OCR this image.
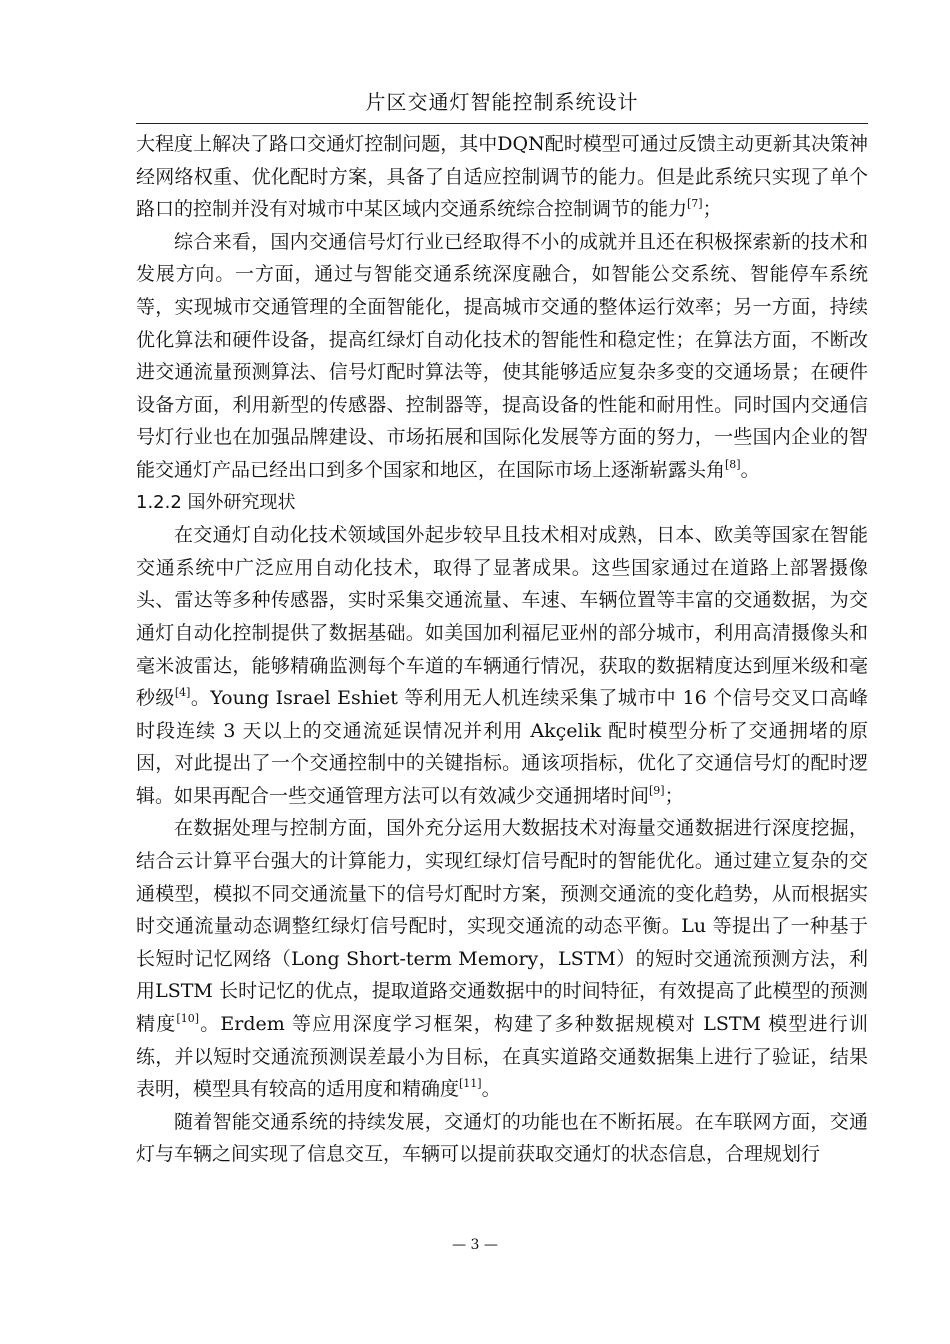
片区交通灯智能控制系统设计

大程度上解决了路口交通灯控制问题，其中DQN配时模型可通过反馈主动更新其决策神经网络权重、优化配时方案，具备了自适应控制调节的能力。但是此系统只实现了单个路口的控制并没有对城市中某区域内交通系统综合控制调节的能力[7]；

综合来看，国内交通信号灯行业已经取得不小的成就并且还在积极探索新的技术和发展方向。一方面，通过与智能交通系统深度融合，如智能公交系统、智能停车系统等，实现城市交通管理的全面智能化，提高城市交通的整体运行效率；另一方面，持续优化算法和硬件设备，提高红绿灯自动化技术的智能性和稳定性；在算法方面，不断改进交通流量预测算法、信号灯配时算法等，使其能够适应复杂多变的交通场景；在硬件设备方面，利用新型的传感器、控制器等，提高设备的性能和耐用性。同时国内交通信号灯行业也在加强品牌建设、市场拓展和国际化发展等方面的努力，一些国内企业的智能交通灯产品已经出口到多个国家和地区，在国际市场上逐渐崭露头角[8]。

1.2.2 国外研究现状

在交通灯自动化技术领域国外起步较早且技术相对成熟，日本、欧美等国家在智能交通系统中广泛应用自动化技术，取得了显著成果。这些国家通过在道路上部署摄像头、雷达等多种传感器，实时采集交通流量、车速、车辆位置等丰富的交通数据，为交通灯自动化控制提供了数据基础。如美国加利福尼亚州的部分城市，利用高清摄像头和毫米波雷达，能够精确监测每个车道的车辆通行情况，获取的数据精度达到厘米级和毫秒级[4]。Young Israel Eshiet 等利用无人机连续采集了城市中 16 个信号交叉口高峰时段连续 3 天以上的交通流延误情况并利用 Akçelik 配时模型分析了交通拥堵的原因，对此提出了一个交通控制中的关键指标。通该项指标，优化了交通信号灯的配时逻辑。如果再配合一些交通管理方法可以有效减少交通拥堵时间[9]；

在数据处理与控制方面，国外充分运用大数据技术对海量交通数据进行深度挖掘，结合云计算平台强大的计算能力，实现红绿灯信号配时的智能优化。通过建立复杂的交通模型，模拟不同交通流量下的信号灯配时方案，预测交通流的变化趋势，从而根据实时交通流量动态调整红绿灯信号配时，实现交通流的动态平衡。Lu 等提出了一种基于长短时记忆网络（Long Short-term Memory，LSTM）的短时交通流预测方法，利用LSTM 长时记忆的优点，提取道路交通数据中的时间特征，有效提高了此模型的预测精度[10]。Erdem 等应用深度学习框架，构建了多种数据规模对 LSTM 模型进行训练，并以短时交通流预测误差最小为目标，在真实道路交通数据集上进行了验证，结果表明，模型具有较高的适用度和精确度[11]。

随着智能交通系统的持续发展，交通灯的功能也在不断拓展。在车联网方面，交通灯与车辆之间实现了信息交互，车辆可以提前获取交通灯的状态信息，合理规划行

— 3 —
